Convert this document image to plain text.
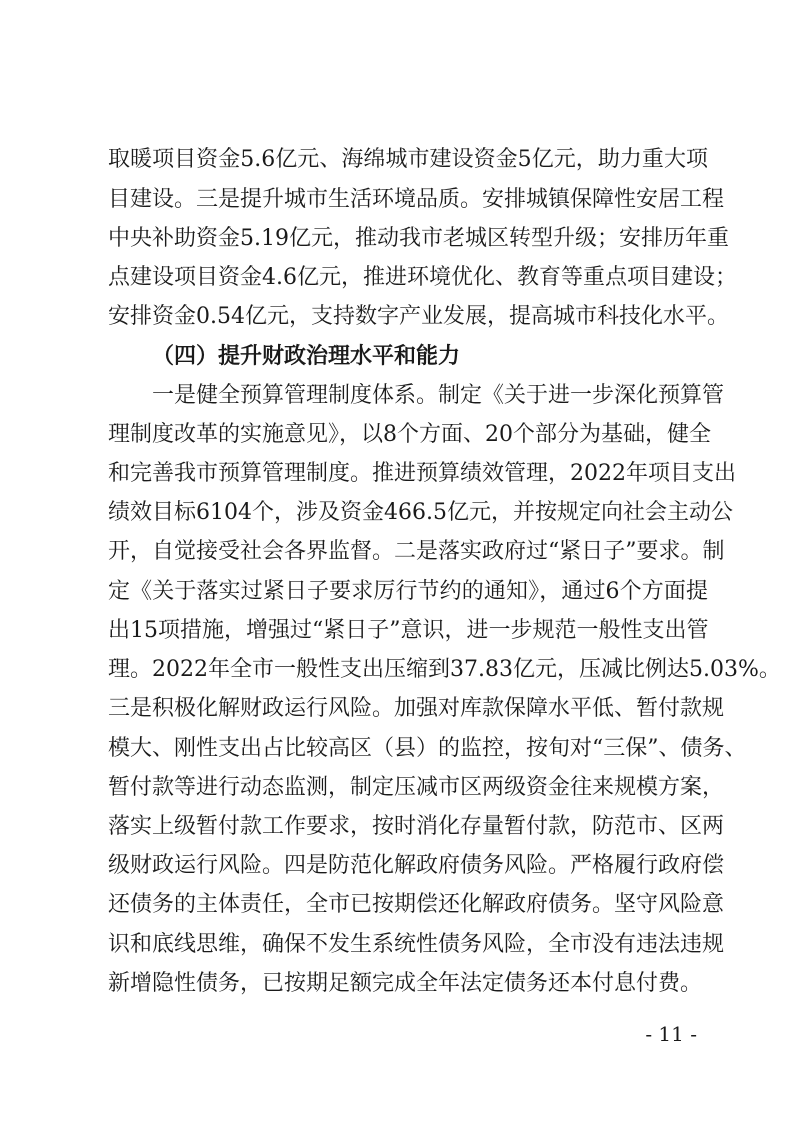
取暖项目资金5.6亿元、海绵城市建设资金5亿元，助力重大项
目建设。三是提升城市生活环境品质。安排城镇保障性安居工程
中央补助资金5.19亿元，推动我市老城区转型升级；安排历年重
点建设项目资金4.6亿元，推进环境优化、教育等重点项目建设；
安排资金0.54亿元，支持数字产业发展，提高城市科技化水平。
（四）提升财政治理水平和能力
一是健全预算管理制度体系。制定《关于进一步深化预算管
理制度改革的实施意见》，以8个方面、20个部分为基础，健全
和完善我市预算管理制度。推进预算绩效管理，2022年项目支出
绩效目标6104个，涉及资金466.5亿元，并按规定向社会主动公
开，自觉接受社会各界监督。二是落实政府过“紧日子”要求。制
定《关于落实过紧日子要求厉行节约的通知》，通过6个方面提
出15项措施，增强过“紧日子”意识，进一步规范一般性支出管
理。2022年全市一般性支出压缩到37.83亿元，压减比例达5.03%。
三是积极化解财政运行风险。加强对库款保障水平低、暂付款规
模大、刚性支出占比较高区（县）的监控，按旬对“三保”、债务、
暂付款等进行动态监测，制定压减市区两级资金往来规模方案，
落实上级暂付款工作要求，按时消化存量暂付款，防范市、区两
级财政运行风险。四是防范化解政府债务风险。严格履行政府偿
还债务的主体责任，全市已按期偿还化解政府债务。坚守风险意
识和底线思维，确保不发生系统性债务风险，全市没有违法违规
新增隐性债务，已按期足额完成全年法定债务还本付息付费。
- 11 -
